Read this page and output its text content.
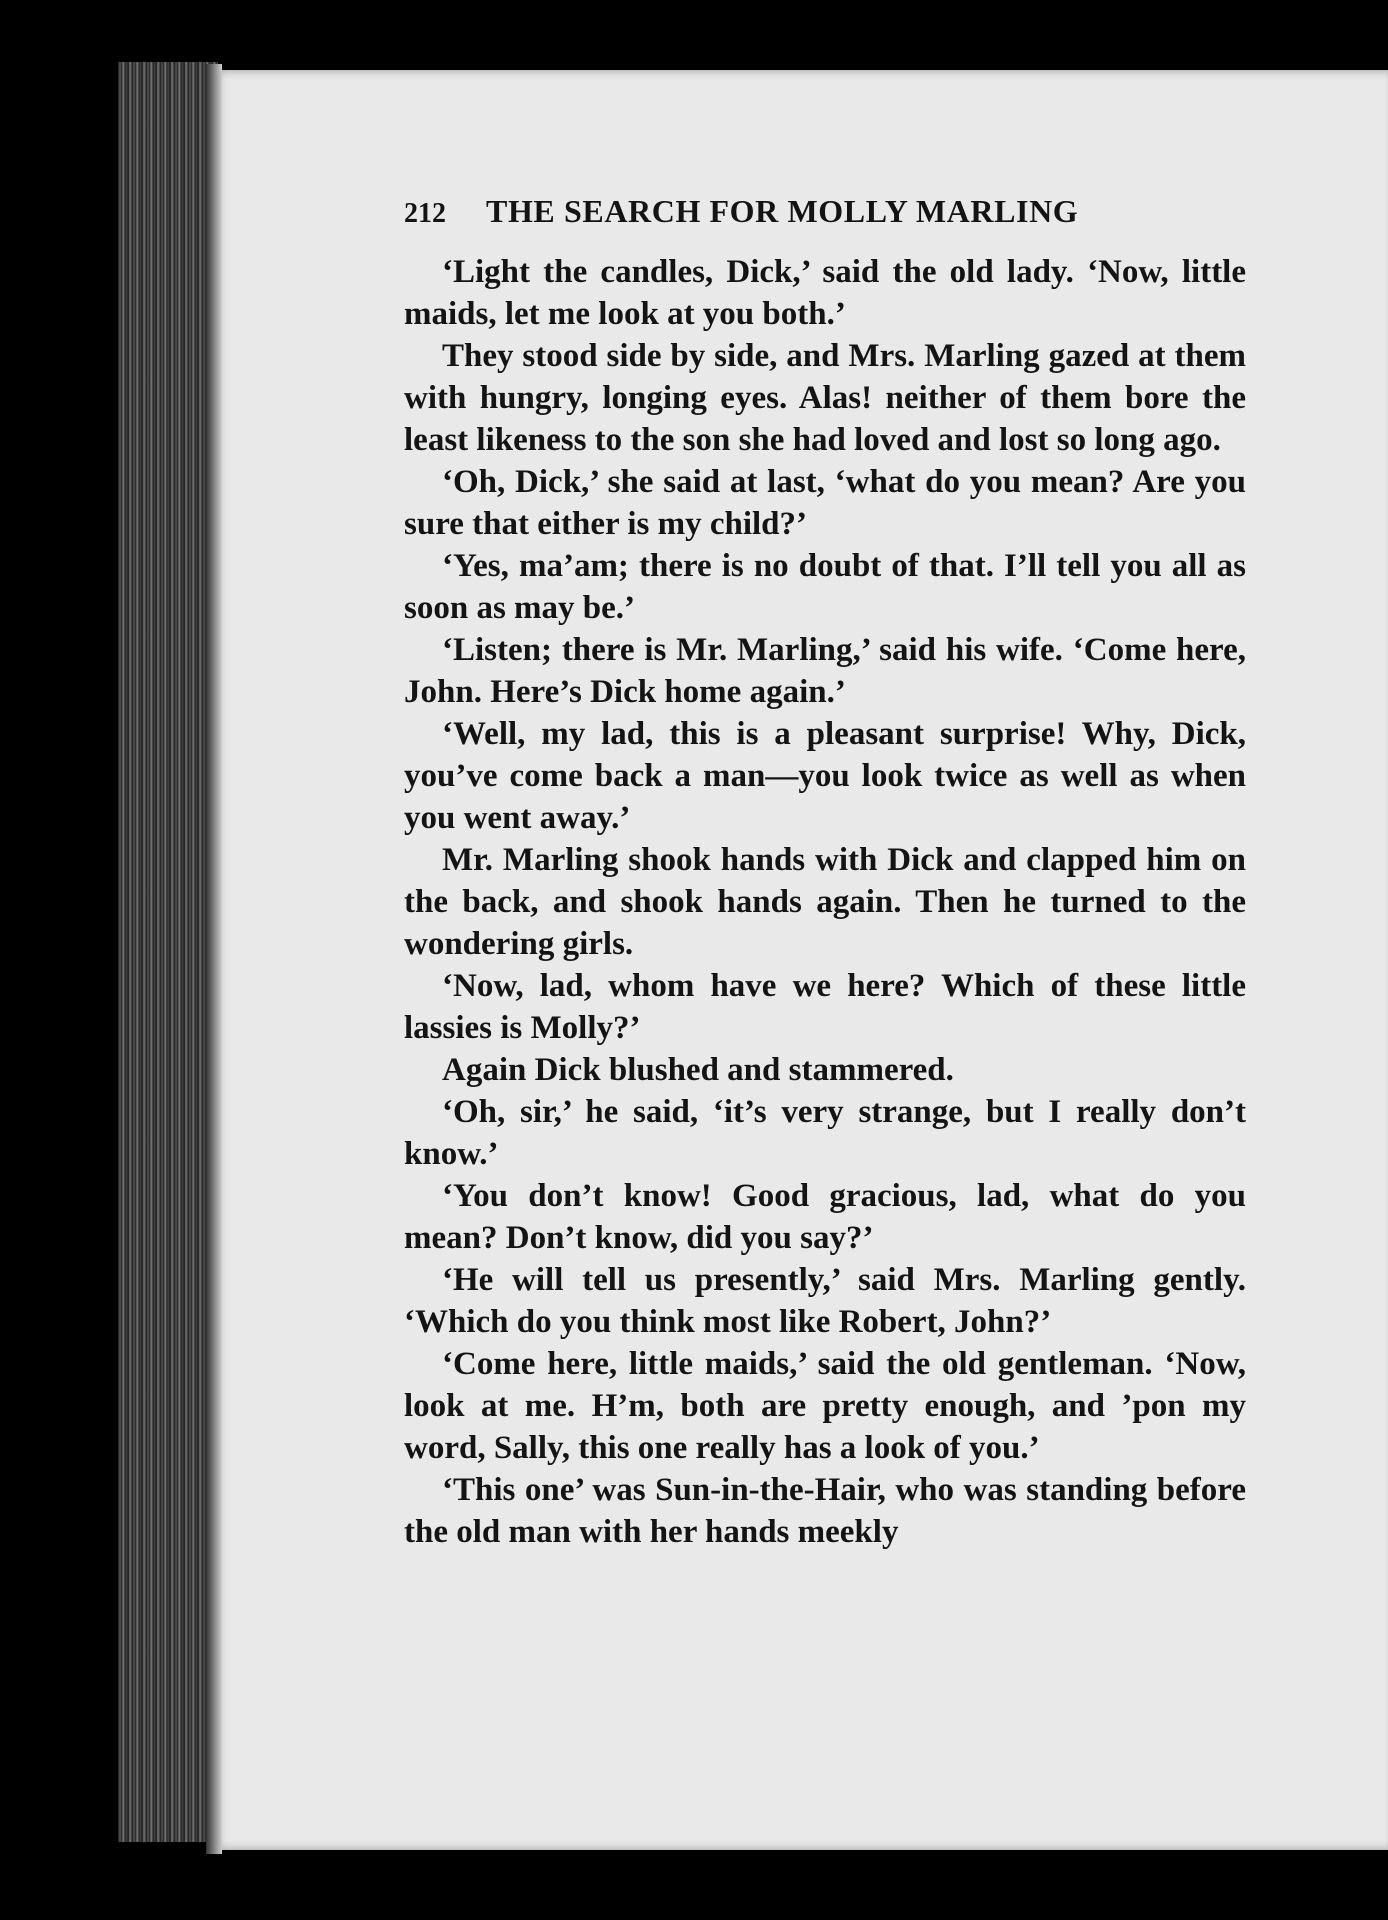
212	THE SEARCH FOR MOLLY MARLING

‘Light the candles, Dick,’ said the old lady. ‘Now, little maids, let me look at you both.’

They stood side by side, and Mrs. Marling gazed at them with hungry, longing eyes. Alas! neither of them bore the least likeness to the son she had loved and lost so long ago.

‘Oh, Dick,’ she said at last, ‘what do you mean? Are you sure that either is my child?’

‘Yes, ma’am; there is no doubt of that. I’ll tell you all as soon as may be.’

‘Listen; there is Mr. Marling,’ said his wife. ‘Come here, John. Here’s Dick home again.’

‘Well, my lad, this is a pleasant surprise! Why, Dick, you’ve come back a man—you look twice as well as when you went away.’

Mr. Marling shook hands with Dick and clapped him on the back, and shook hands again. Then he turned to the wondering girls.

‘Now, lad, whom have we here? Which of these little lassies is Molly?’

Again Dick blushed and stammered.

‘Oh, sir,’ he said, ‘it’s very strange, but I really don’t know.’

‘You don’t know! Good gracious, lad, what do you mean? Don’t know, did you say?’

‘He will tell us presently,’ said Mrs. Marling gently. ‘Which do you think most like Robert, John?’

‘Come here, little maids,’ said the old gentleman. ‘Now, look at me. H’m, both are pretty enough, and ’pon my word, Sally, this one really has a look of you.’

‘This one’ was Sun-in-the-Hair, who was standing before the old man with her hands meekly
